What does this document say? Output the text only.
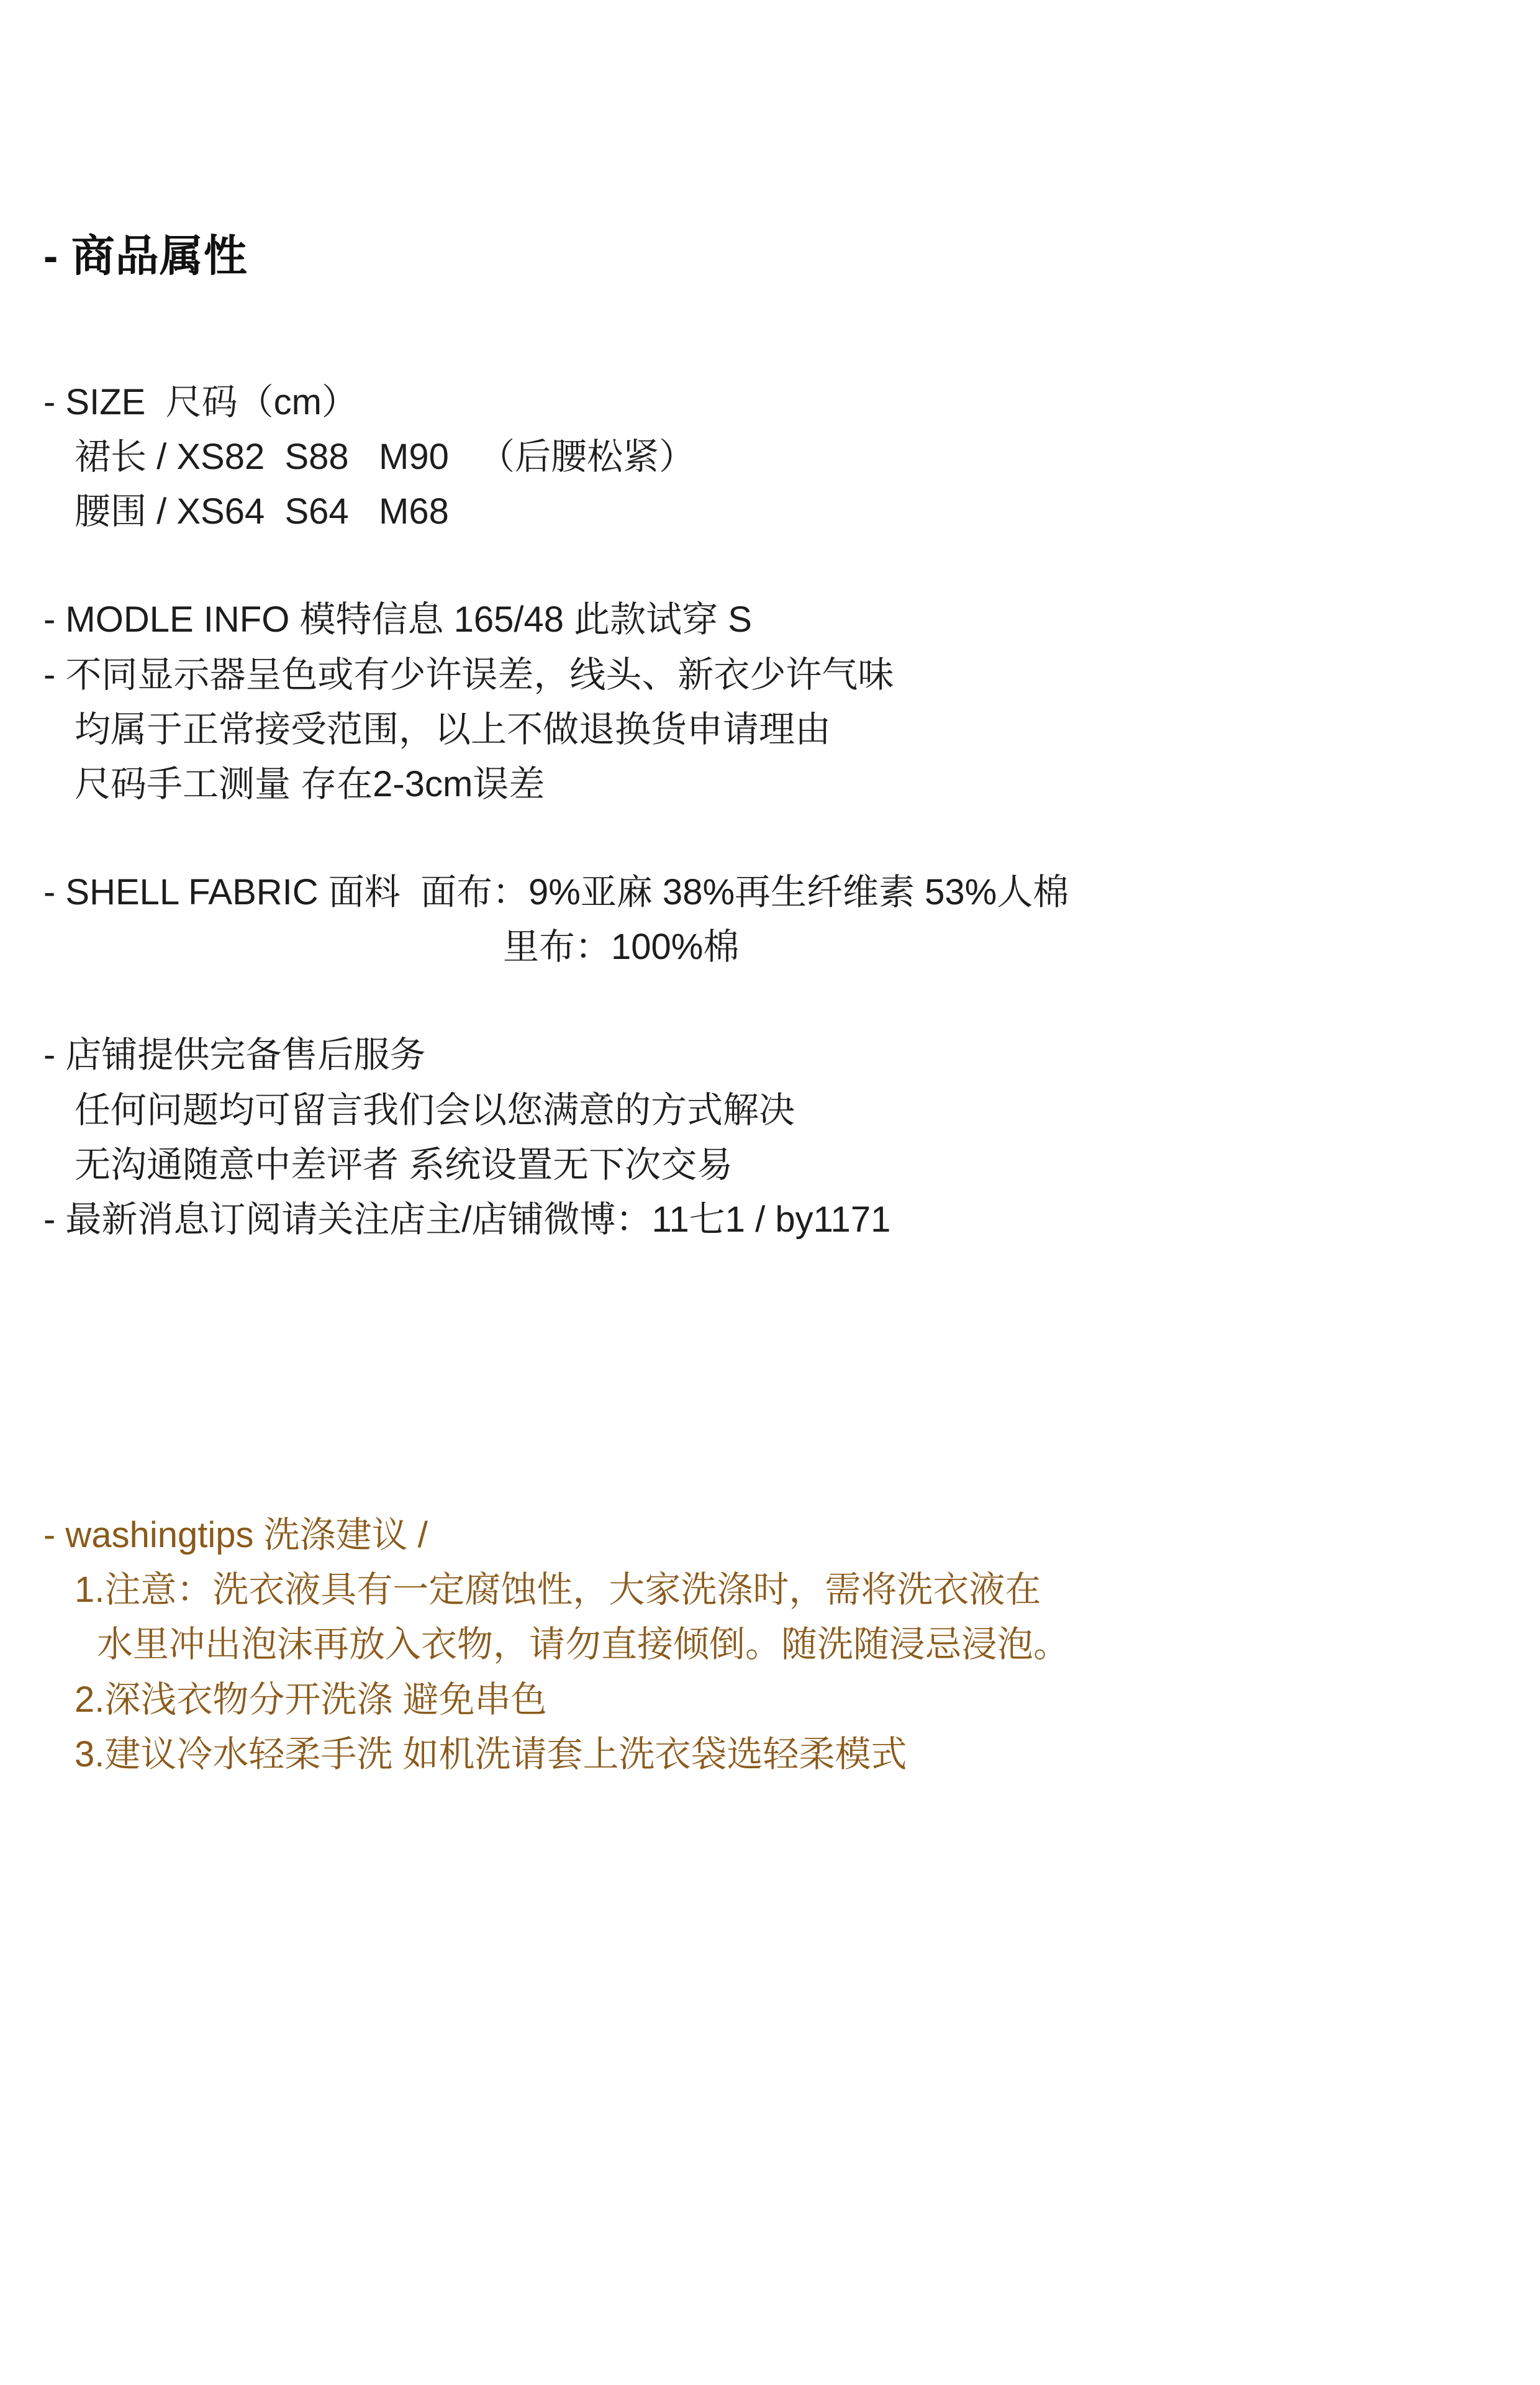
- 商品属性
- SIZE  尺码（cm）
裙长 / XS82  S88   M90   （后腰松紧）
腰围 / XS64  S64   M68
- MODLE INFO 模特信息 165/48 此款试穿 S
- 不同显示器呈色或有少许误差，线头、新衣少许气味
均属于正常接受范围，以上不做退换货申请理由
尺码手工测量 存在2-3cm误差
- SHELL FABRIC 面料  面布：9%亚麻 38%再生纤维素 53%人棉
里布：100%棉
- 店铺提供完备售后服务
任何问题均可留言我们会以您满意的方式解决
无沟通随意中差评者 系统设置无下次交易
- 最新消息订阅请关注店主/店铺微博：11七1 / by1171
- washingtips 洗涤建议 /
1.注意：洗衣液具有一定腐蚀性，大家洗涤时，需将洗衣液在
水里冲出泡沫再放入衣物，请勿直接倾倒。随洗随浸忌浸泡。
2.深浅衣物分开洗涤 避免串色
3.建议冷水轻柔手洗 如机洗请套上洗衣袋选轻柔模式
